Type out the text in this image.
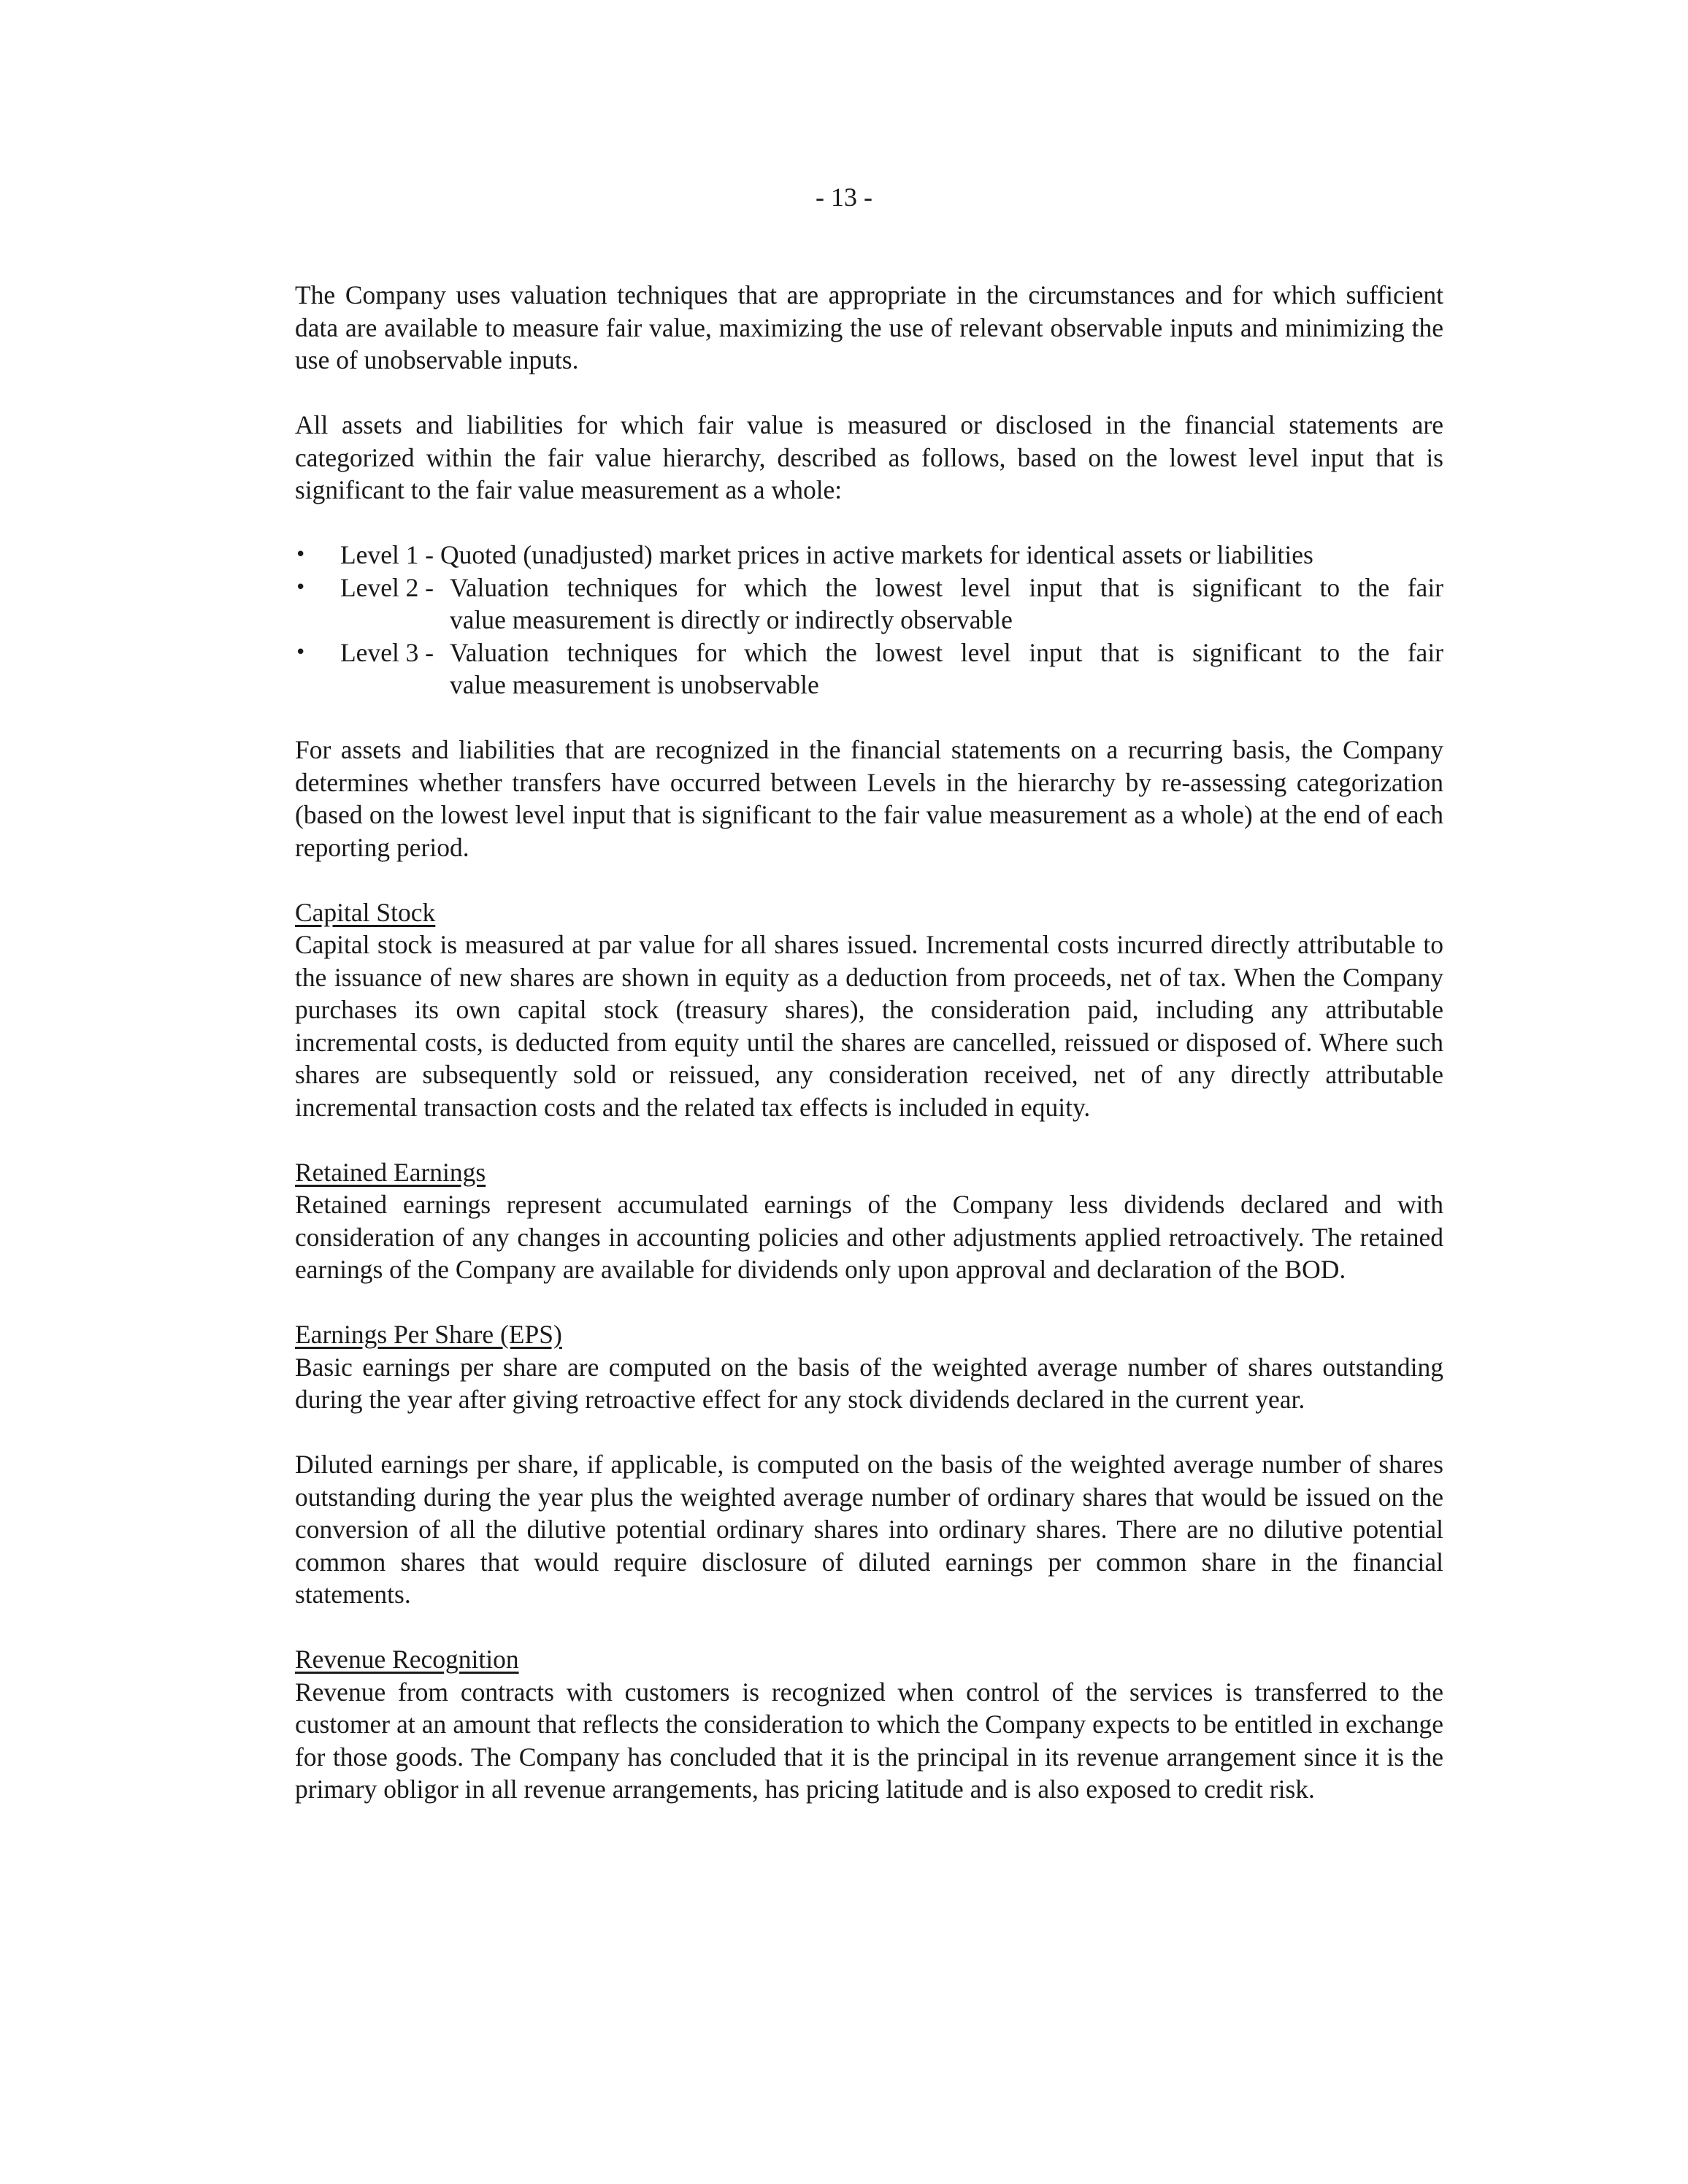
- 13 -

The Company uses valuation techniques that are appropriate in the circumstances and for which sufficient data are available to measure fair value, maximizing the use of relevant observable inputs and minimizing the use of unobservable inputs.

All assets and liabilities for which fair value is measured or disclosed in the financial statements are categorized within the fair value hierarchy, described as follows, based on the lowest level input that is significant to the fair value measurement as a whole:

•	Level 1 - Quoted (unadjusted) market prices in active markets for identical assets or liabilities
•	Level 2 - Valuation techniques for which the lowest level input that is significant to the fair
value measurement is directly or indirectly observable
•	Level 3 - Valuation techniques for which the lowest level input that is significant to the fair
value measurement is unobservable

For assets and liabilities that are recognized in the financial statements on a recurring basis, the Company determines whether transfers have occurred between Levels in the hierarchy by re-assessing categorization (based on the lowest level input that is significant to the fair value measurement as a whole) at the end of each reporting period.

Capital Stock

Capital stock is measured at par value for all shares issued. Incremental costs incurred directly attributable to the issuance of new shares are shown in equity as a deduction from proceeds, net of tax. When the Company purchases its own capital stock (treasury shares), the consideration paid, including any attributable incremental costs, is deducted from equity until the shares are cancelled, reissued or disposed of. Where such shares are subsequently sold or reissued, any consideration received, net of any directly attributable incremental transaction costs and the related tax effects is included in equity.

Retained Earnings

Retained earnings represent accumulated earnings of the Company less dividends declared and with consideration of any changes in accounting policies and other adjustments applied retroactively. The retained earnings of the Company are available for dividends only upon approval and declaration of the BOD.

Earnings Per Share (EPS)

Basic earnings per share are computed on the basis of the weighted average number of shares outstanding during the year after giving retroactive effect for any stock dividends declared in the current year.

Diluted earnings per share, if applicable, is computed on the basis of the weighted average number of shares outstanding during the year plus the weighted average number of ordinary shares that would be issued on the conversion of all the dilutive potential ordinary shares into ordinary shares. There are no dilutive potential common shares that would require disclosure of diluted earnings per common share in the financial statements.

Revenue Recognition

Revenue from contracts with customers is recognized when control of the services is transferred to the customer at an amount that reflects the consideration to which the Company expects to be entitled in exchange for those goods. The Company has concluded that it is the principal in its revenue arrangement since it is the primary obligor in all revenue arrangements, has pricing latitude and is also exposed to credit risk.
